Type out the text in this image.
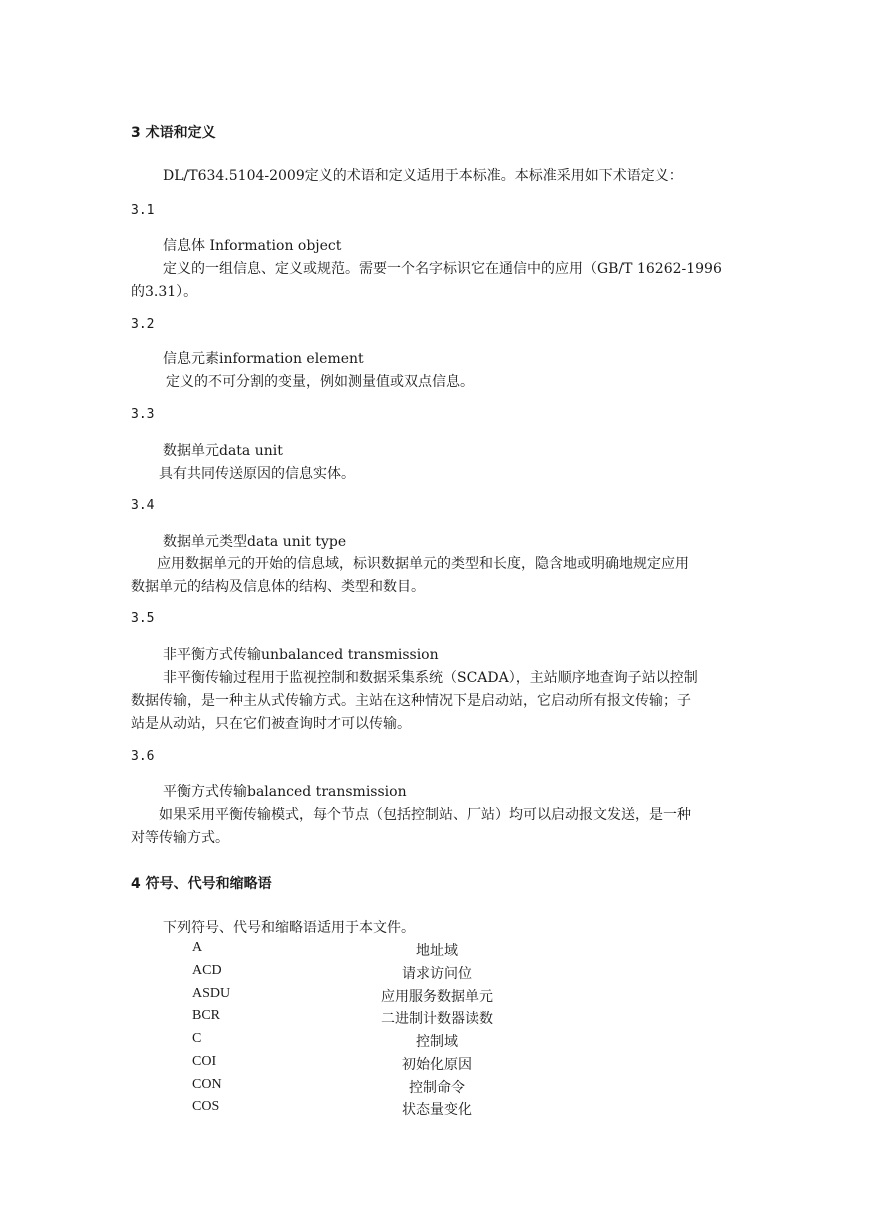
3 术语和定义
DL/T634.5104-2009定义的术语和定义适用于本标准。本标准采用如下术语定义：
3.1
信息体 Information object
定义的一组信息、定义或规范。需要一个名字标识它在通信中的应用（GB/T 16262-1996
的3.31）。
3.2
信息元素information element
定义的不可分割的变量，例如测量值或双点信息。
3.3
数据单元data unit
具有共同传送原因的信息实体。
3.4
数据单元类型data unit type
应用数据单元的开始的信息域，标识数据单元的类型和长度，隐含地或明确地规定应用
数据单元的结构及信息体的结构、类型和数目。
3.5
非平衡方式传输unbalanced transmission
非平衡传输过程用于监视控制和数据采集系统（SCADA），主站顺序地查询子站以控制
数据传输，是一种主从式传输方式。主站在这种情况下是启动站，它启动所有报文传输；子
站是从动站，只在它们被查询时才可以传输。
3.6
平衡方式传输balanced transmission
如果采用平衡传输模式，每个节点（包括控制站、厂站）均可以启动报文发送，是一种
对等传输方式。
4 符号、代号和缩略语
下列符号、代号和缩略语适用于本文件。
A	地址域
ACD	请求访问位
ASDU	应用服务数据单元
BCR	二进制计数器读数
C	控制域
COI	初始化原因
CON	控制命令
COS	状态量变化
